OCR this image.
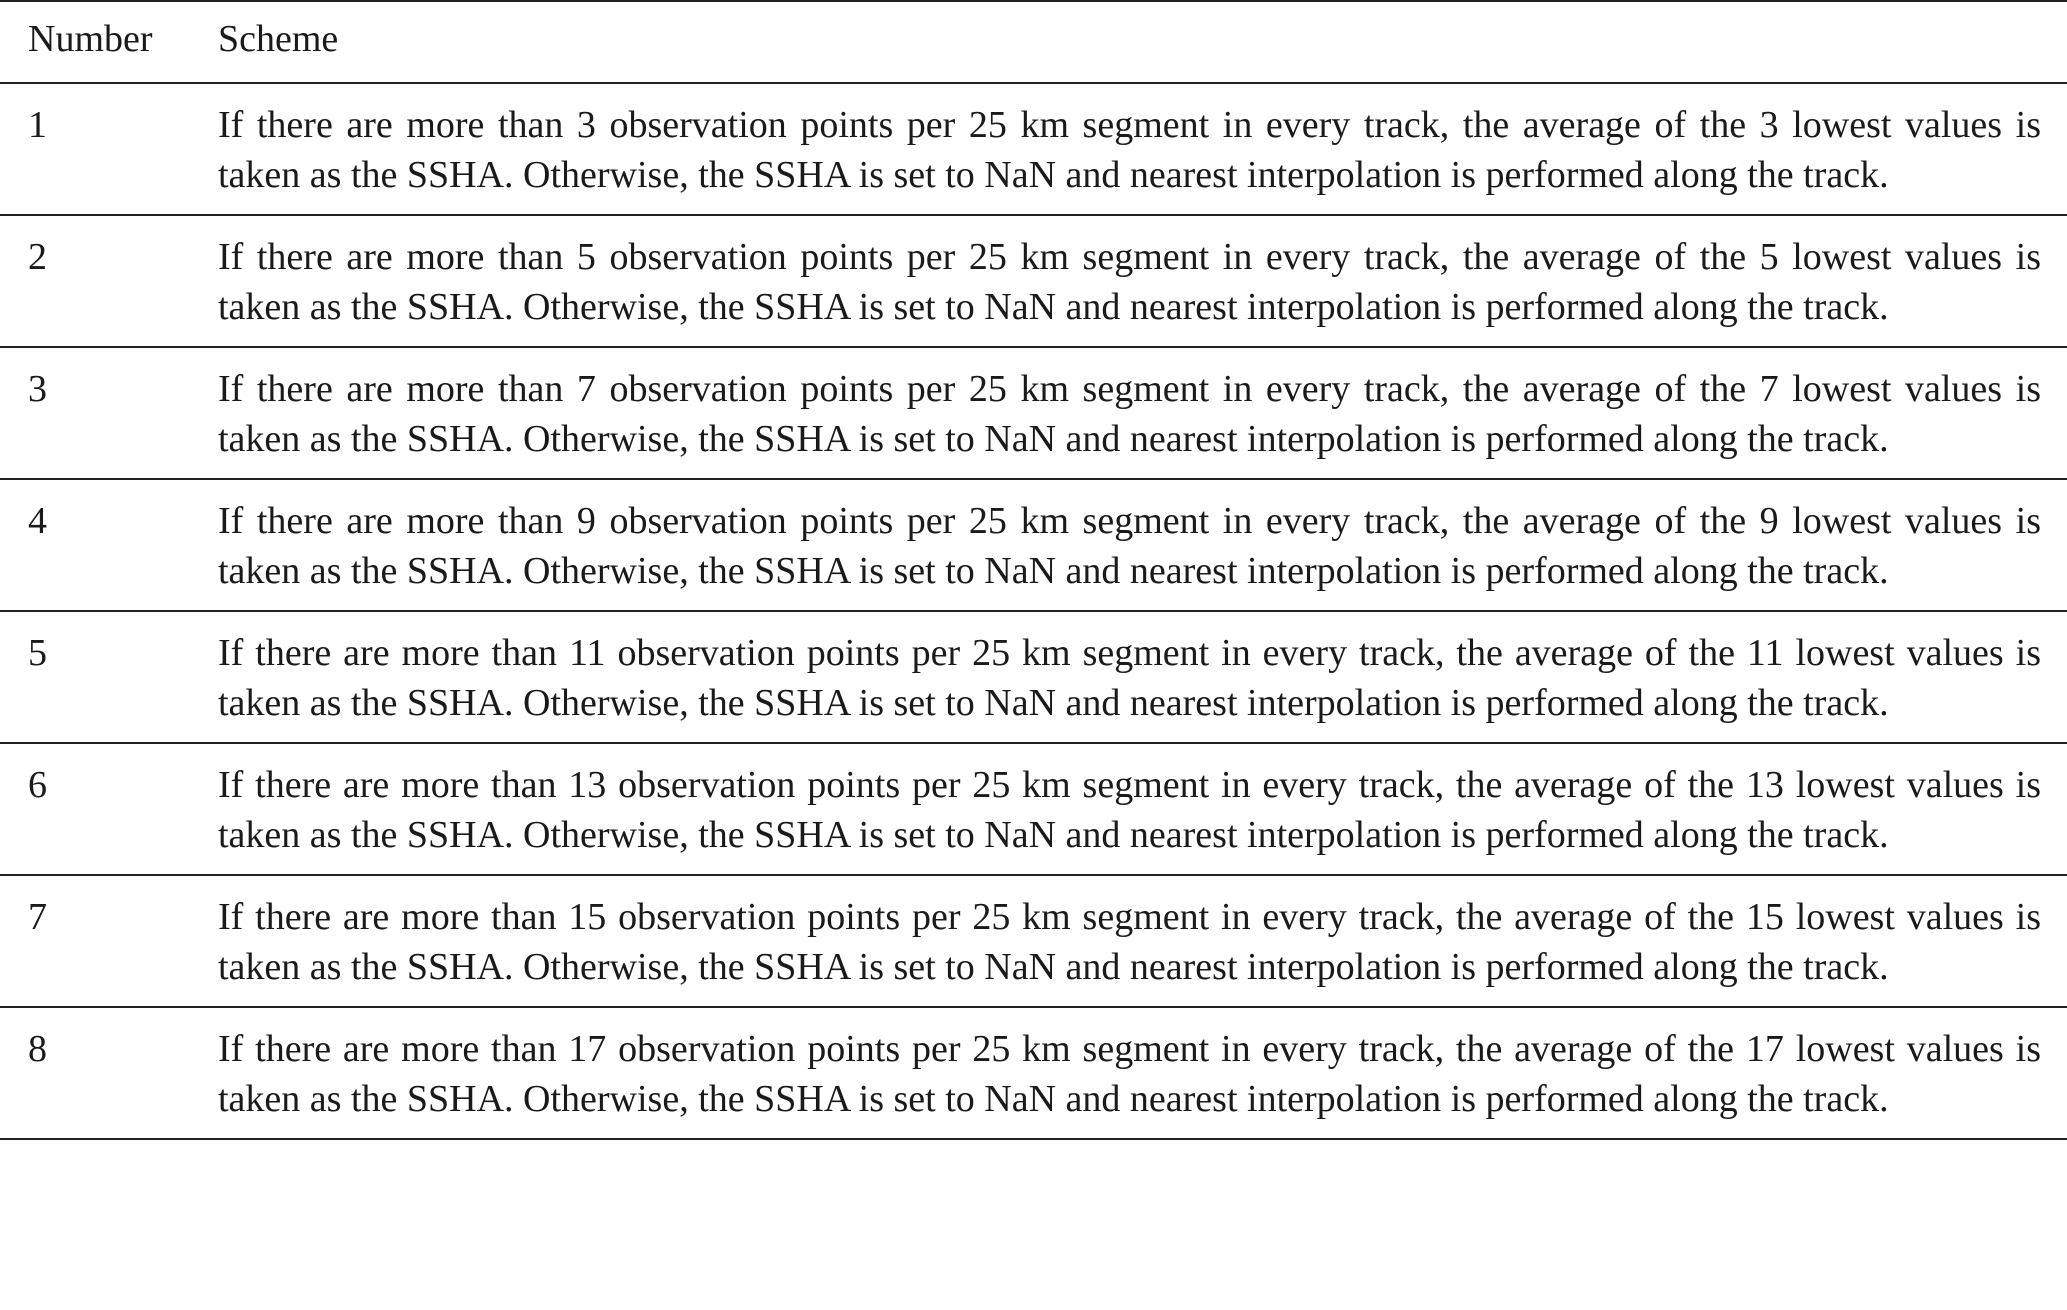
Number	Scheme
1	If there are more than 3 observation points per 25 km segment in every track, the average of the 3 lowest values is taken as the SSHA. Otherwise, the SSHA is set to NaN and nearest interpolation is performed along the track.
2	If there are more than 5 observation points per 25 km segment in every track, the average of the 5 lowest values is taken as the SSHA. Otherwise, the SSHA is set to NaN and nearest interpolation is performed along the track.
3	If there are more than 7 observation points per 25 km segment in every track, the average of the 7 lowest values is taken as the SSHA. Otherwise, the SSHA is set to NaN and nearest interpolation is performed along the track.
4	If there are more than 9 observation points per 25 km segment in every track, the average of the 9 lowest values is taken as the SSHA. Otherwise, the SSHA is set to NaN and nearest interpolation is performed along the track.
5	If there are more than 11 observation points per 25 km segment in every track, the average of the 11 lowest values is taken as the SSHA. Otherwise, the SSHA is set to NaN and nearest interpolation is performed along the track.
6	If there are more than 13 observation points per 25 km segment in every track, the average of the 13 lowest values is taken as the SSHA. Otherwise, the SSHA is set to NaN and nearest interpolation is performed along the track.
7	If there are more than 15 observation points per 25 km segment in every track, the average of the 15 lowest values is taken as the SSHA. Otherwise, the SSHA is set to NaN and nearest interpolation is performed along the track.
8	If there are more than 17 observation points per 25 km segment in every track, the average of the 17 lowest values is taken as the SSHA. Otherwise, the SSHA is set to NaN and nearest interpolation is performed along the track.
